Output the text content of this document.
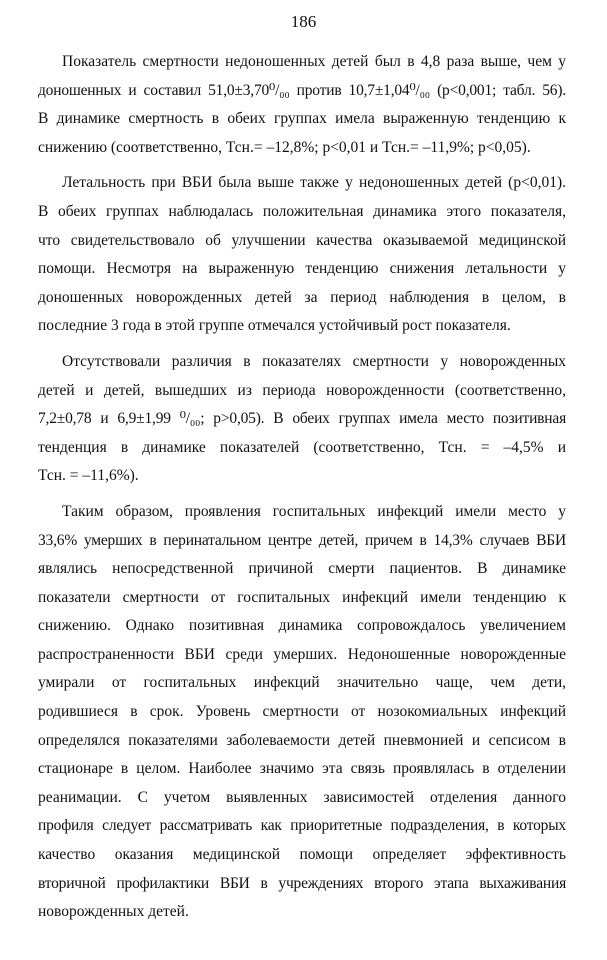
186

Показатель смертности недоношенных детей был в 4,8 раза выше, чем у
доношенных и составил 51,0±3,70⁰/₀₀ против 10,7±1,04⁰/₀₀ (р<0,001; табл. 56).
В динамике смертность в обеих группах имела выраженную тенденцию к
снижению (соответственно, Тсн.= –12,8%; р<0,01 и Тсн.= –11,9%; р<0,05).

Летальность при ВБИ была выше также у недоношенных детей (р<0,01).
В обеих группах наблюдалась положительная динамика этого показателя,
что свидетельствовало об улучшении качества оказываемой медицинской
помощи. Несмотря на выраженную тенденцию снижения летальности у
доношенных новорожденных детей за период наблюдения в целом, в
последние 3 года в этой группе отмечался устойчивый рост показателя.

Отсутствовали различия в показателях смертности у новорожденных
детей и детей, вышедших из периода новорожденности (соответственно,
7,2±0,78 и 6,9±1,99 ⁰/₀₀; р>0,05). В обеих группах имела место позитивная
тенденция в динамике показателей (соответственно, Тсн. = –4,5% и
Тсн. = –11,6%).

Таким образом, проявления госпитальных инфекций имели место у
33,6% умерших в перинатальном центре детей, причем в 14,3% случаев ВБИ
являлись непосредственной причиной смерти пациентов. В динамике
показатели смертности от госпитальных инфекций имели тенденцию к
снижению. Однако позитивная динамика сопровождалось увеличением
распространенности ВБИ среди умерших. Недоношенные новорожденные
умирали от госпитальных инфекций значительно чаще, чем дети,
родившиеся в срок. Уровень смертности от нозокомиальных инфекций
определялся показателями заболеваемости детей пневмонией и сепсисом в
стационаре в целом. Наиболее значимо эта связь проявлялась в отделении
реанимации. С учетом выявленных зависимостей отделения данного
профиля следует рассматривать как приоритетные подразделения, в которых
качество оказания медицинской помощи определяет эффективность
вторичной профилактики ВБИ в учреждениях второго этапа выхаживания
новорожденных детей.
